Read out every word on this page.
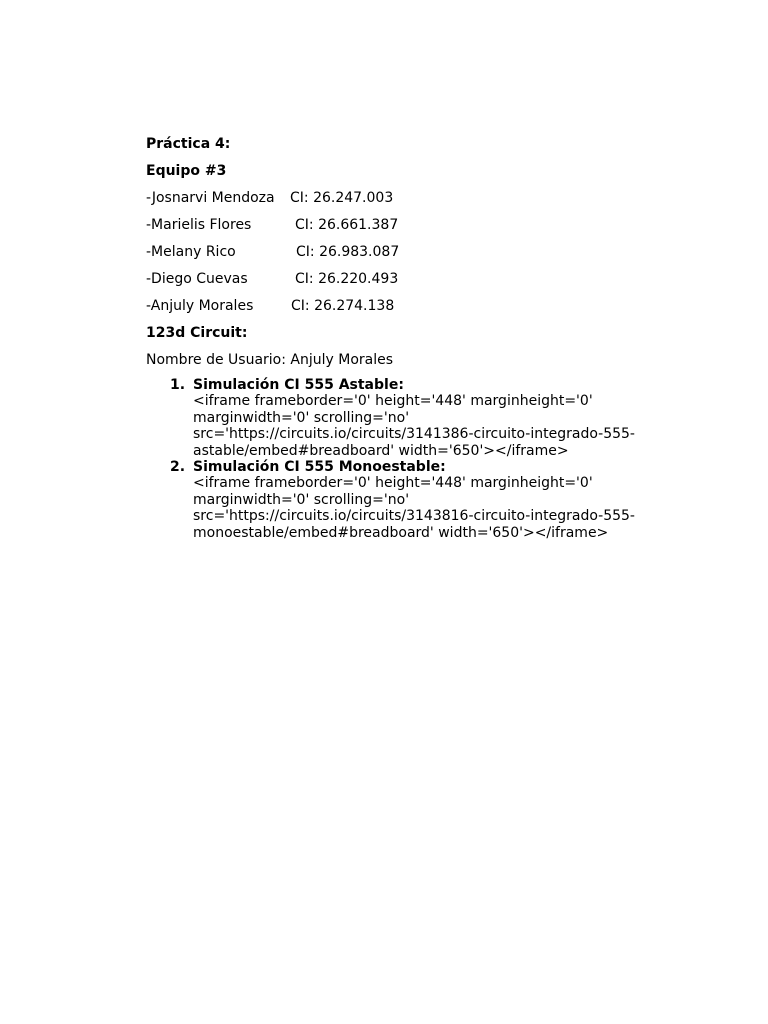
Práctica 4:
Equipo #3
-Josnarvi Mendoza CI: 26.247.003
-Marielis Flores	CI: 26.661.387
-Melany Rico	CI: 26.983.087
-Diego Cuevas	CI: 26.220.493
-Anjuly Morales	CI: 26.274.138
123d Circuit:
Nombre de Usuario: Anjuly Morales
1. Simulación CI 555 Astable:
<iframe frameborder='0' height='448' marginheight='0'
marginwidth='0' scrolling='no'
src='https://circuits.io/circuits/3141386-circuito-integrado-555-
astable/embed#breadboard' width='650'></iframe>
2. Simulación CI 555 Monoestable:
<iframe frameborder='0' height='448' marginheight='0'
marginwidth='0' scrolling='no'
src='https://circuits.io/circuits/3143816-circuito-integrado-555-
monoestable/embed#breadboard' width='650'></iframe>
